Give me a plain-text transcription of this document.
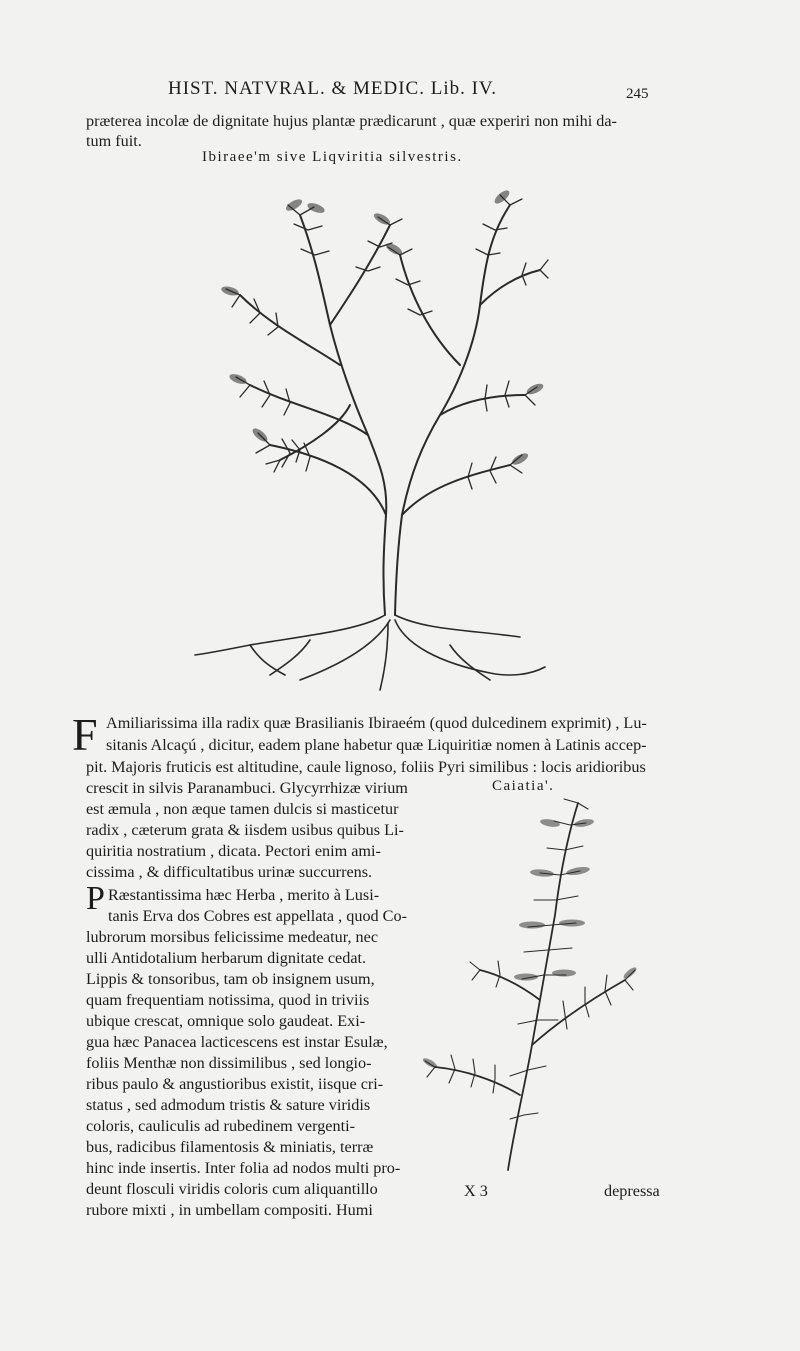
HIST. NATVRAL. & MEDIC. Lib. IV.	245
præterea incolæ de dignitate hujus plantæ prædicarunt , quæ experiri non mihi da-
tum fuit.
Ibiraee'm sive Liqviritia silvestris.
F Amiliarissima illa radix quæ Brasilianis Ibiraeém (quod dulcedinem exprimit) , Lu-
sitanis Alcaçú , dicitur, eadem plane habetur quæ Liquiritiæ nomen à Latinis accep-
pit. Majoris fruticis est altitudine, caule lignoso, foliis Pyri similibus : locis aridioribus
crescit in silvis Paranambuci. Glycyrrhizæ virium
est æmula , non æque tamen dulcis si masticetur
radix , cæterum grata & iisdem usibus quibus Li-
quiritia nostratium , dicata. Pectori enim ami-
cissima , & difficultatibus urinæ succurrens.
Caiatia'.
P Ræstantissima hæc Herba , merito à Lusi-
tanis Erva dos Cobres est appellata , quod Co-
lubrorum morsibus felicissime medeatur, nec
ulli Antidotalium herbarum dignitate cedat.
Lippis & tonsoribus, tam ob insignem usum,
quam frequentiam notissima, quod in triviis
ubique crescat, omnique solo gaudeat. Exi-
gua hæc Panacea lacticescens est instar Esulæ,
foliis Menthæ non dissimilibus , sed longio-
ribus paulo & angustioribus existit, iisque cri-
status , sed admodum tristis & sature viridis
coloris, cauliculis ad rubedinem vergenti-
bus, radicibus filamentosis & miniatis, terræ
hinc inde insertis. Inter folia ad nodos multi pro-
deunt flosculi viridis coloris cum aliquantillo
rubore mixti , in umbellam compositi. Humi
X 3	depressa
